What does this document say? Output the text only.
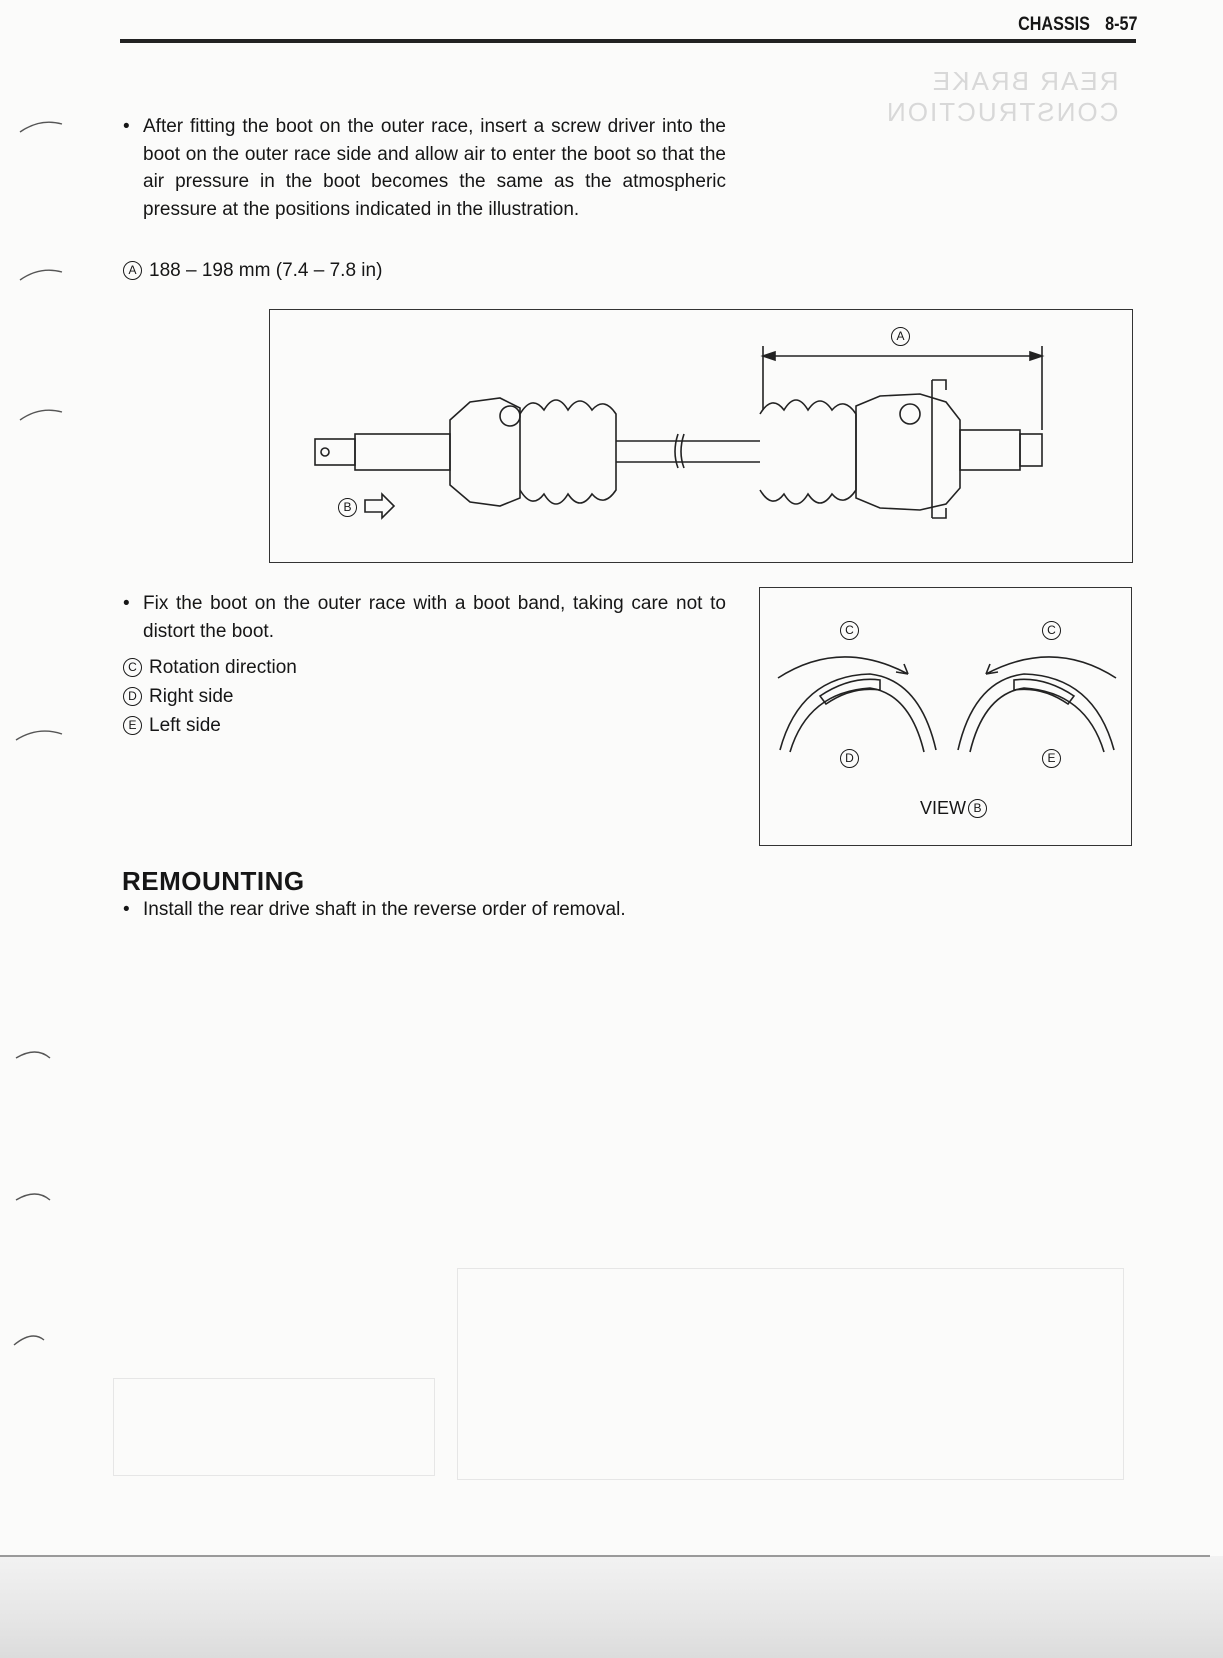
REAR BRAKE
CONSTRUCTION
CHASSIS 8-57
• After fitting the boot on the outer race, insert a screw driver into the boot on the outer race side and allow air to enter the boot so that the air pressure in the boot becomes the same as the atmospheric pressure at the positions indicated in the illustration.
A 188 – 198 mm (7.4 – 7.8 in)
A
B
• Fix the boot on the outer race with a boot band, taking care not to distort the boot.
C Rotation direction
D Right side
E Left side
C	C
D	E
VIEW B
REMOUNTING
• Install the rear drive shaft in the reverse order of removal.
